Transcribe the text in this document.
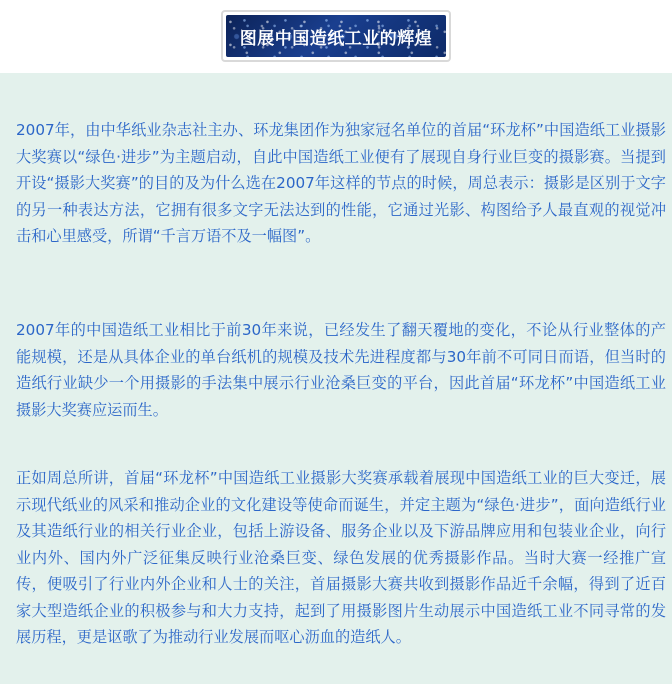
图展中国造纸工业的辉煌

2007年，由中华纸业杂志社主办、环龙集团作为独家冠名单位的首届“环龙杯”中国造纸工业摄影大奖赛以“绿色·进步”为主题启动，自此中国造纸工业便有了展现自身行业巨变的摄影赛。当提到开设“摄影大奖赛”的目的及为什么选在2007年这样的节点的时候，周总表示：摄影是区别于文字的另一种表达方法，它拥有很多文字无法达到的性能，它通过光影、构图给予人最直观的视觉冲击和心里感受，所谓“千言万语不及一幅图”。

2007年的中国造纸工业相比于前30年来说，已经发生了翻天覆地的变化，不论从行业整体的产能规模，还是从具体企业的单台纸机的规模及技术先进程度都与30年前不可同日而语，但当时的造纸行业缺少一个用摄影的手法集中展示行业沧桑巨变的平台，因此首届“环龙杯”中国造纸工业摄影大奖赛应运而生。

正如周总所讲，首届“环龙杯”中国造纸工业摄影大奖赛承载着展现中国造纸工业的巨大变迁，展示现代纸业的风采和推动企业的文化建设等使命而诞生，并定主题为“绿色·进步”，面向造纸行业及其造纸行业的相关行业企业，包括上游设备、服务企业以及下游品牌应用和包装业企业，向行业内外、国内外广泛征集反映行业沧桑巨变、绿色发展的优秀摄影作品。当时大赛一经推广宣传，便吸引了行业内外企业和人士的关注，首届摄影大赛共收到摄影作品近千余幅，得到了近百家大型造纸企业的积极参与和大力支持，起到了用摄影图片生动展示中国造纸工业不同寻常的发展历程，更是讴歌了为推动行业发展而呕心沥血的造纸人。
